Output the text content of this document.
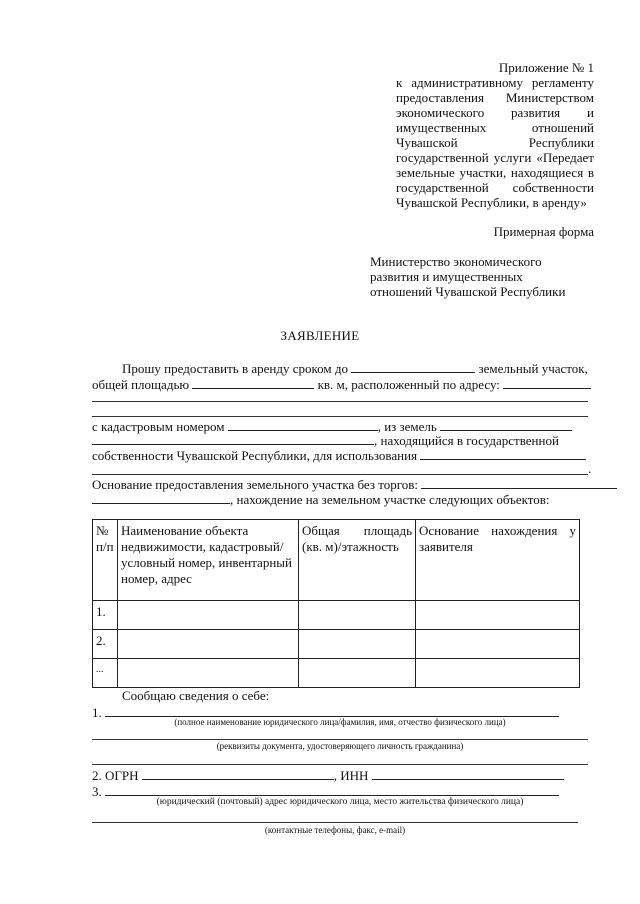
Приложение № 1
к административному регламенту
предоставления Министерством
экономического развития и
имущественных	отношений
Чувашской	Республики
государственной услуги «Передает
земельные участки, находящиеся в
государственной собственности
Чувашской Республики, в аренду»
Примерная форма
Министерство экономического
развития и имущественных
отношений Чувашской Республики
ЗАЯВЛЕНИЕ
Прошу предоставить в аренду сроком до	земельный участок,
общей площадью	кв. м, расположенный по адресу:
с кадастровым номером	, из земель
, находящийся в государственной
собственности Чувашской Республики, для использования
.
Основание предоставления земельного участка без торгов:
, нахождение на земельном участке следующих объектов:
№ п/п	Наименование объекта недвижимости, кадастровый/условный номер, инвентарный номер, адрес	Общая площадь (кв. м)/этажность	Основание нахождения у заявителя
1.			
2.			
...			
Сообщаю сведения о себе:
1.
(полное наименование юридического лица/фамилия, имя, отчество физического лица)
(реквизиты документа, удостоверяющего личность гражданина)
2. ОГРН	, ИНН
3.
(юридический (почтовый) адрес юридического лица, место жительства физического лица)
(контактные телефоны, факс, e-mail)
